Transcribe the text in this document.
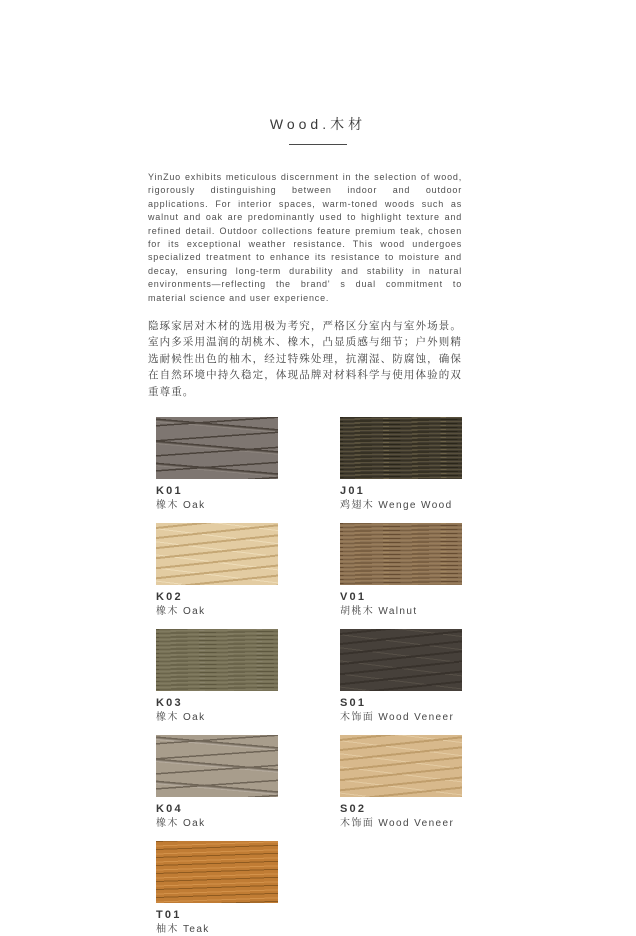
Wood.木材

YinZuo exhibits meticulous discernment in the selection of wood, rigorously distinguishing between indoor and outdoor applications. For interior spaces, warm-toned woods such as walnut and oak are predominantly used to highlight texture and refined detail. Outdoor collections feature premium teak, chosen for its exceptional weather resistance. This wood undergoes specialized treatment to enhance its resistance to moisture and decay, ensuring long-term durability and stability in natural environments—reflecting the brand' s dual commitment to material science and user experience.

隐琢家居对木材的选用极为考究，严格区分室内与室外场景。室内多采用温润的胡桃木、橡木，凸显质感与细节；户外则精选耐候性出色的柚木，经过特殊处理，抗潮湿、防腐蚀，确保在自然环境中持久稳定，体现品牌对材料科学与使用体验的双重尊重。

K01
橡木 Oak
J01
鸡翅木 Wenge Wood
K02
橡木 Oak
V01
胡桃木 Walnut
K03
橡木 Oak
S01
木饰面 Wood Veneer
K04
橡木 Oak
S02
木饰面 Wood Veneer
T01
柚木 Teak
